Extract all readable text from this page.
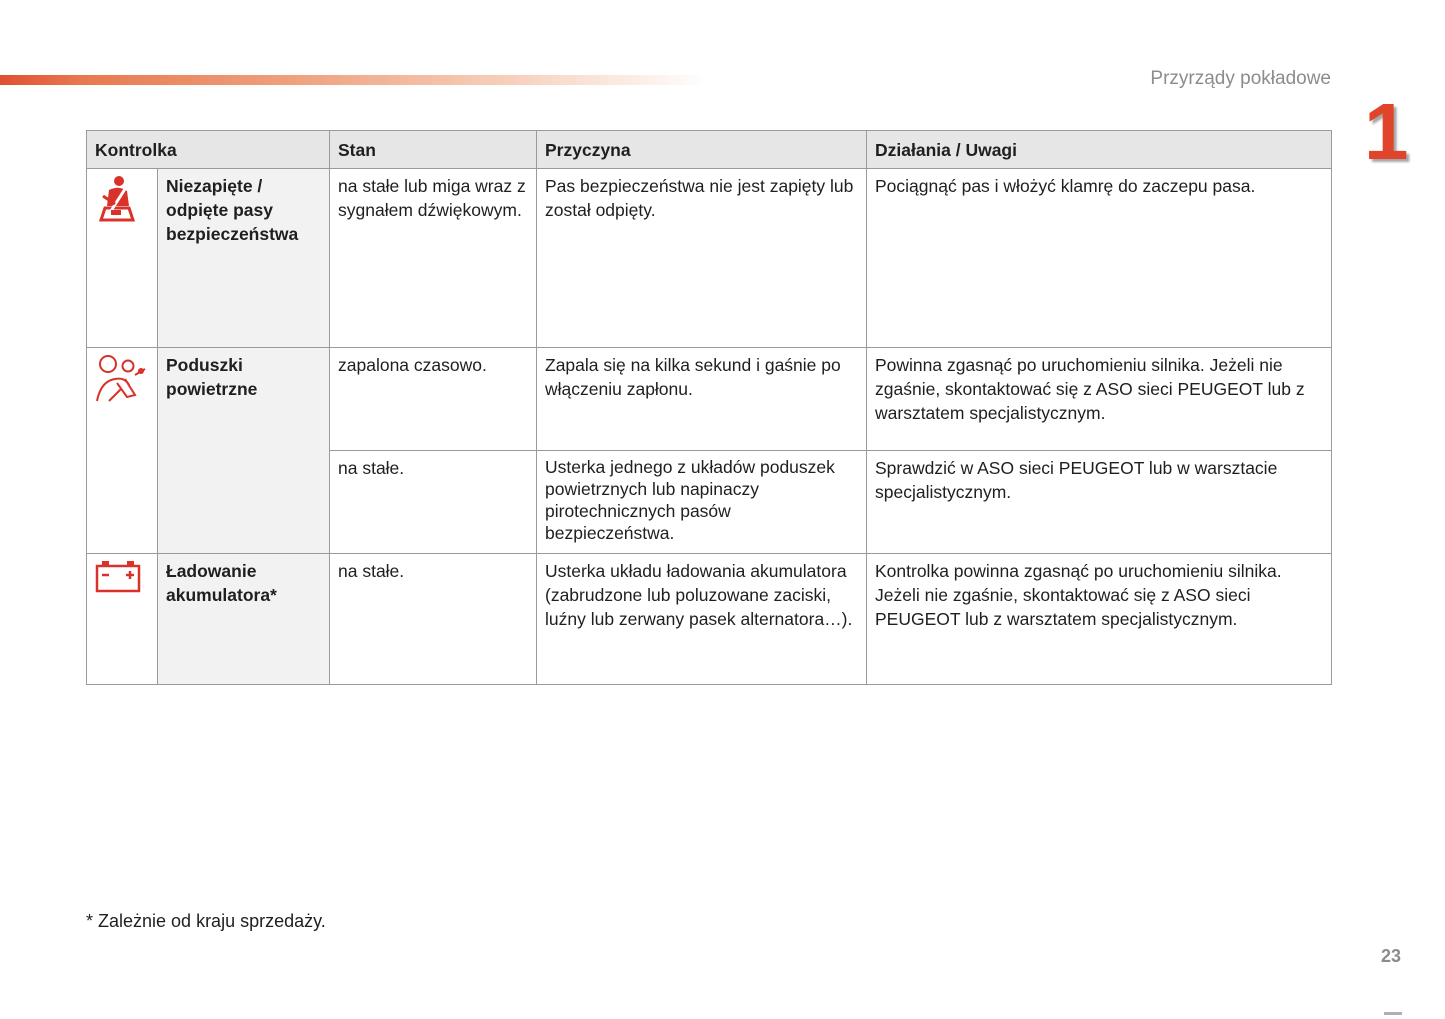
Przyrządy pokładowe
1
Kontrolka		Stan	Przyczyna	Działania / Uwagi
	Niezapięte / odpięte pasy bezpieczeństwa	na stałe lub miga wraz z sygnałem dźwiękowym.	Pas bezpieczeństwa nie jest zapięty lub został odpięty.	Pociągnąć pas i włożyć klamrę do zaczepu pasa.
	Poduszki powietrzne	zapalona czasowo.	Zapala się na kilka sekund i gaśnie po włączeniu zapłonu.	Powinna zgasnąć po uruchomieniu silnika. Jeżeli nie zgaśnie, skontaktować się z ASO sieci PEUGEOT lub z warsztatem specjalistycznym.
		na stałe.	Usterka jednego z układów poduszek powietrznych lub napinaczy pirotechnicznych pasów bezpieczeństwa.	Sprawdzić w ASO sieci PEUGEOT lub w warsztacie specjalistycznym.
	Ładowanie akumulatora*	na stałe.	Usterka układu ładowania akumulatora (zabrudzone lub poluzowane zaciski, luźny lub zerwany pasek alternatora…).	Kontrolka powinna zgasnąć po uruchomieniu silnika. Jeżeli nie zgaśnie, skontaktować się z ASO sieci PEUGEOT lub z warsztatem specjalistycznym.
* Zależnie od kraju sprzedaży.
23
